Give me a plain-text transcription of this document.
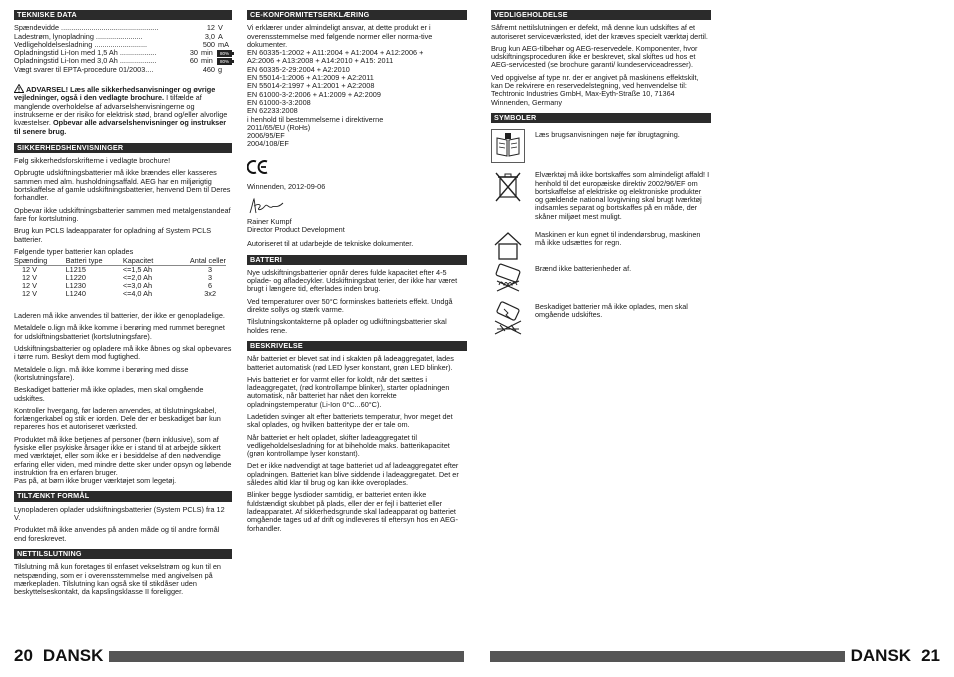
TEKNISKE DATA
Spændevidde ................................................	12 V
Ladestrøm, lynopladning .......................	3,0 A
Vedligeholdelsesladning ..........................	500 mA
Opladningstid Li-Ion med 1,5 Ah ..................	30 min	80%
Opladningstid Li-Ion med 3,0 Ah ..................	60 min	80%
Vægt svarer til EPTA-procedure 01/2003....	460 g

ADVARSEL! Læs alle sikkerhedsanvisninger og øvrige vejledninger, også i den vedlagte brochure. I tilfælde af manglende overholdelse af advarselshenvisningerne og instrukserne er der risiko for elektrisk stød, brand og/eller alvorlige kvæstelser. Opbevar alle advarselshenvisninger og instrukser til senere brug.

SIKKERHEDSHENVISNINGER

Følg sikkerhedsforskrifterne i vedlagte brochure!

Opbrugte udskiftningsbatterier må ikke brændes eller kasseres sammen med alm. husholdningsaffald. AEG har en miljørigtig bortskaffelse af gamle udskiftningsbatterier, henvend Dem til Deres forhandler.

Opbevar ikke udskiftningsbatterier sammen med metalgenstandeaf fare for kortslutning.

Brug kun PCLS ladeapparater for opladning af System PCLS batterier.

Følgende typer batterier kan oplades

Spænding	Batteri type	Kapacitet	Antal celler
12 V	L1215	<=1,5 Ah	3
12 V	L1220	<=2,0 Ah	3
12 V	L1230	<=3,0 Ah	6
12 V	L1240	<=4,0 Ah	3x2

Laderen må ikke anvendes til batterier, der ikke er genopladelige.

Metaldele o.lign må ikke komme i berøring med rummet beregnet for udskiftningsbatteriet (kortslutningsfare).

Udskiftningsbatterier og opladere må ikke åbnes og skal opbevares i tørre rum. Beskyt dem mod fugtighed.

Metaldele o.lign. må ikke komme i berøring med disse (kortslutningsfare).

Beskadiget batterier må ikke oplades, men skal omgående udskiftes.

Kontroller hvergang, før laderen anvendes, at tilslutningskabel, forlængerkabel og stik er iorden. Dele der er beskadiget bør kun repareres hos et autoriseret værksted.

Produktet må ikke betjenes af personer (børn inklusive), som af fysiske eller psykiske årsager ikke er i stand til at arbejde sikkert med værktøjet, eller som ikke er i besiddelse af den nødvendige erfaring eller viden, med mindre dette sker under opsyn og løbende instruktion fra en erfaren bruger.

Pas på, at børn ikke bruger værktøjet som legetøj.

TILTÆNKT FORMÅL

Lynopladeren oplader udskiftningsbatterier (System PCLS) fra 12 V.

Produktet må ikke anvendes på anden måde og til andre formål end foreskrevet.

NETTILSLUTNING

Tilslutning må kun foretages til enfaset vekselstrøm og kun til en netspænding, som er i overensstemmelse med angivelsen på mærkepladen. Tilslutning kan også ske til stikdåser uden beskyttelseskontakt, da kapslingsklasse II foreligger.

CE-KONFORMITETSERKLÆRING

Vi erklærer under almindeligt ansvar, at dette produkt er i overensstemmelse med følgende normer eller norma-tive dokumenter.

EN 60335-1:2002 + A11:2004 + A1:2004 + A12:2006 +
A2:2006 + A13:2008 + A14:2010 + A15: 2011
EN 60335-2-29:2004 + A2:2010
EN 55014-1:2006 + A1:2009 + A2:2011
EN 55014-2:1997 + A1:2001 + A2:2008
EN 61000-3-2:2006 + A1:2009 + A2:2009
EN 61000-3-3:2008
EN 62233:2008
i henhold til bestemmelserne i direktiverne
2011/65/EU (RoHs)
2006/95/EF
2004/108/EF

Winnenden, 2012-09-06

Rainer Kumpf
Director Product Development

Autoriseret til at udarbejde de tekniske dokumenter.

BATTERI

Nye udskiftningsbatterier opnår deres fulde kapacitet efter 4-5 oplade- og afladecykler. Udskiftningsbat terier, der ikke har været brugt i længere tid, efterlades inden brug.

Ved temperaturer over 50°C forminskes batteriets effekt. Undgå direkte sollys og stærk varme.

Tilslutningskontakterne på oplader og udkiftningsbatterier skal holdes rene.

BESKRIVELSE

Når batteriet er blevet sat ind i skakten på ladeaggregatet, lades batteriet automatisk (rød LED lyser konstant, grøn LED blinker).

Hvis batteriet er for varmt eller for koldt, når det sættes i ladeaggregatet, (rød kontrollampe blinker), starter opladningen automatisk, når batteriet har nået den korrekte opladningstemperatur (Li-Ion 0°C...60°C).

Ladetiden svinger alt efter batteriets temperatur, hvor meget det skal oplades, og hvilken batteritype der er tale om.

Når batteriet er helt opladet, skifter ladeaggregatet til vedligeholdelsesladning for at biheholde maks. batterikapacitet (grøn kontrollampe lyser konstant).

Det er ikke nødvendigt at tage batteriet ud af ladeaggregatet efter opladningen. Batteriet kan blive siddende i ladeaggregatet. Det er således altid klar til brug og kan ikke overoplades.

Blinker begge lysdioder samtidig, er batteriet enten ikke fuldstændigt skubbet på plads, eller der er fejl i batteriet eller ladeapparatet. Af sikkerhedsgrunde skal ladeapparat og batteriet omgående tages ud af drift og indleveres til eftersyn hos en AEG-forhandler.

VEDLIGEHOLDELSE

Såfremt nettilslutningen er defekt, må denne kun udskiftes af et autoriseret serviceværksted, idet der kræves specielt værktøj dertil.

Brug kun AEG-tilbehør og AEG-reservedele. Komponenter, hvor udskiftningsproceduren ikke er beskrevet, skal skiftes ud hos et AEG-servicested (se brochure garanti/ kundeserviceadresser).

Ved opgivelse af type nr. der er angivet på maskinens effektskilt, kan De rekvirere en reservedelstegning, ved henvendelse til: Techtronic Industries GmbH, Max-Eyth-Straße 10, 71364 Winnenden, Germany

SYMBOLER
Læs brugsanvisningen nøje før ibrugtagning.
Elværktøj må ikke bortskaffes som almindeligt affald! I henhold til det europæiske direktiv 2002/96/EF om bortskaffelse af elektriske og elektroniske produkter og gældende national lovgivning skal brugt Iværktøj indsamles separat og bortskaffes på en måde, der skåner miljøet mest muligt.
Maskinen er kun egnet til indendørsbrug, maskinen må ikke udsættes for regn.
Brænd ikke batterienheder af.
Beskadiget batterier må ikke oplades, men skal omgående udskiftes.
20 DANSK	DANSK 21
